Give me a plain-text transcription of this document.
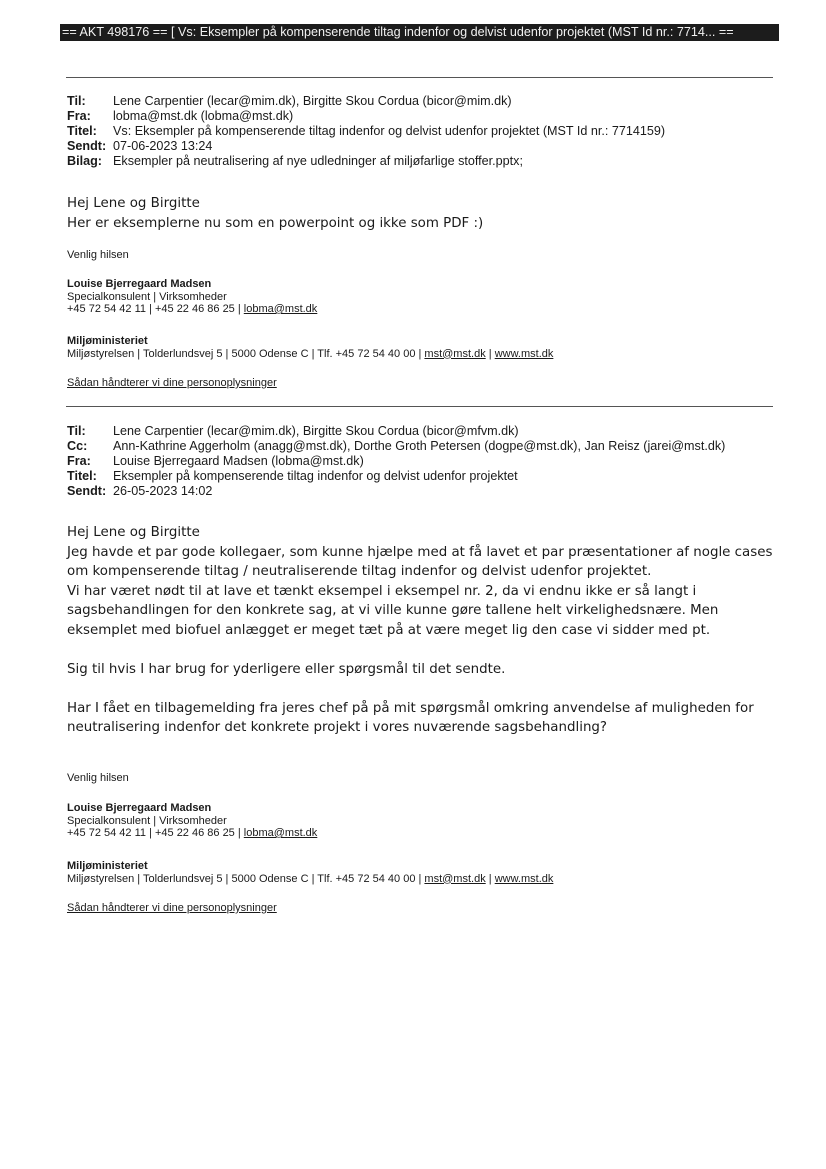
== AKT 498176 == [ Vs: Eksempler på kompenserende tiltag indenfor og delvist udenfor projektet (MST Id nr.: 7714... ==
Til:	Lene Carpentier (lecar@mim.dk), Birgitte Skou Cordua (bicor@mim.dk)
Fra:	lobma@mst.dk (lobma@mst.dk)
Titel:	Vs: Eksempler på kompenserende tiltag indenfor og delvist udenfor projektet (MST Id nr.: 7714159)
Sendt: 07-06-2023 13:24
Bilag: Eksempler på neutralisering af nye udledninger af miljøfarlige stoffer.pptx;

Hej Lene og Birgitte

Her er eksemplerne nu som en powerpoint og ikke som PDF :)

Venlig hilsen
Louise Bjerregaard Madsen
Specialkonsulent | Virksomheder
+45 72 54 42 11 | +45 22 46 86 25 | lobma@mst.dk
Miljøministeriet
Miljøstyrelsen | Tolderlundsvej 5 | 5000 Odense C | Tlf. +45 72 54 40 00 | mst@mst.dk | www.mst.dk
Sådan håndterer vi dine personoplysninger
Til:	Lene Carpentier (lecar@mim.dk), Birgitte Skou Cordua (bicor@mfvm.dk)
Cc:	Ann-Kathrine Aggerholm (anagg@mst.dk), Dorthe Groth Petersen (dogpe@mst.dk), Jan Reisz (jarei@mst.dk)
Fra:	Louise Bjerregaard Madsen (lobma@mst.dk)
Titel:	Eksempler på kompenserende tiltag indenfor og delvist udenfor projektet
Sendt: 26-05-2023 14:02

Hej Lene og Birgitte

Jeg havde et par gode kollegaer, som kunne hjælpe med at få lavet et par præsentationer af nogle cases om kompenserende tiltag / neutraliserende tiltag indenfor og delvist udenfor projektet.

Vi har været nødt til at lave et tænkt eksempel i eksempel nr. 2, da vi endnu ikke er så langt i sagsbehandlingen for den konkrete sag, at vi ville kunne gøre tallene helt virkelighedsnære. Men eksemplet med biofuel anlægget er meget tæt på at være meget lig den case vi sidder med pt.

Sig til hvis I har brug for yderligere eller spørgsmål til det sendte.

Har I fået en tilbagemelding fra jeres chef på på mit spørgsmål omkring anvendelse af muligheden for neutralisering indenfor det konkrete projekt i vores nuværende sagsbehandling?

Venlig hilsen
Louise Bjerregaard Madsen
Specialkonsulent | Virksomheder
+45 72 54 42 11 | +45 22 46 86 25 | lobma@mst.dk
Miljøministeriet
Miljøstyrelsen | Tolderlundsvej 5 | 5000 Odense C | Tlf. +45 72 54 40 00 | mst@mst.dk | www.mst.dk
Sådan håndterer vi dine personoplysninger
